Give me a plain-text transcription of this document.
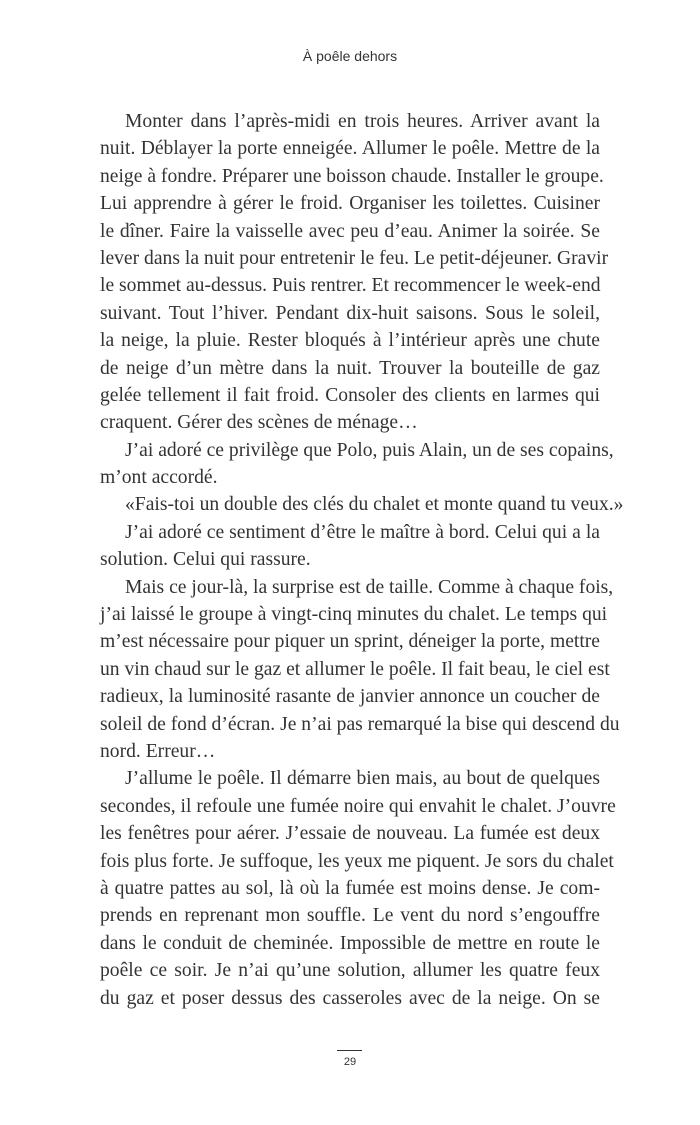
À poêle dehors
Monter dans l’après-midi en trois heures. Arriver avant la
nuit. Déblayer la porte enneigée. Allumer le poêle. Mettre de la
neige à fondre. Préparer une boisson chaude. Installer le groupe.
Lui apprendre à gérer le froid. Organiser les toilettes. Cuisiner
le dîner. Faire la vaisselle avec peu d’eau. Animer la soirée. Se
lever dans la nuit pour entretenir le feu. Le petit-déjeuner. Gravir
le sommet au-dessus. Puis rentrer. Et recommencer le week-end
suivant. Tout l’hiver. Pendant dix-huit saisons. Sous le soleil,
la neige, la pluie. Rester bloqués à l’intérieur après une chute
de neige d’un mètre dans la nuit. Trouver la bouteille de gaz
gelée tellement il fait froid. Consoler des clients en larmes qui
craquent. Gérer des scènes de ménage…
J’ai adoré ce privilège que Polo, puis Alain, un de ses copains,
m’ont accordé.
«Fais-toi un double des clés du chalet et monte quand tu veux.»
J’ai adoré ce sentiment d’être le maître à bord. Celui qui a la
solution. Celui qui rassure.
Mais ce jour-là, la surprise est de taille. Comme à chaque fois,
j’ai laissé le groupe à vingt-cinq minutes du chalet. Le temps qui
m’est nécessaire pour piquer un sprint, déneiger la porte, mettre
un vin chaud sur le gaz et allumer le poêle. Il fait beau, le ciel est
radieux, la luminosité rasante de janvier annonce un coucher de
soleil de fond d’écran. Je n’ai pas remarqué la bise qui descend du
nord. Erreur…
J’allume le poêle. Il démarre bien mais, au bout de quelques
secondes, il refoule une fumée noire qui envahit le chalet. J’ouvre
les fenêtres pour aérer. J’essaie de nouveau. La fumée est deux
fois plus forte. Je suffoque, les yeux me piquent. Je sors du chalet
à quatre pattes au sol, là où la fumée est moins dense. Je com-
prends en reprenant mon souffle. Le vent du nord s’engouffre
dans le conduit de cheminée. Impossible de mettre en route le
poêle ce soir. Je n’ai qu’une solution, allumer les quatre feux
du gaz et poser dessus des casseroles avec de la neige. On se
29
